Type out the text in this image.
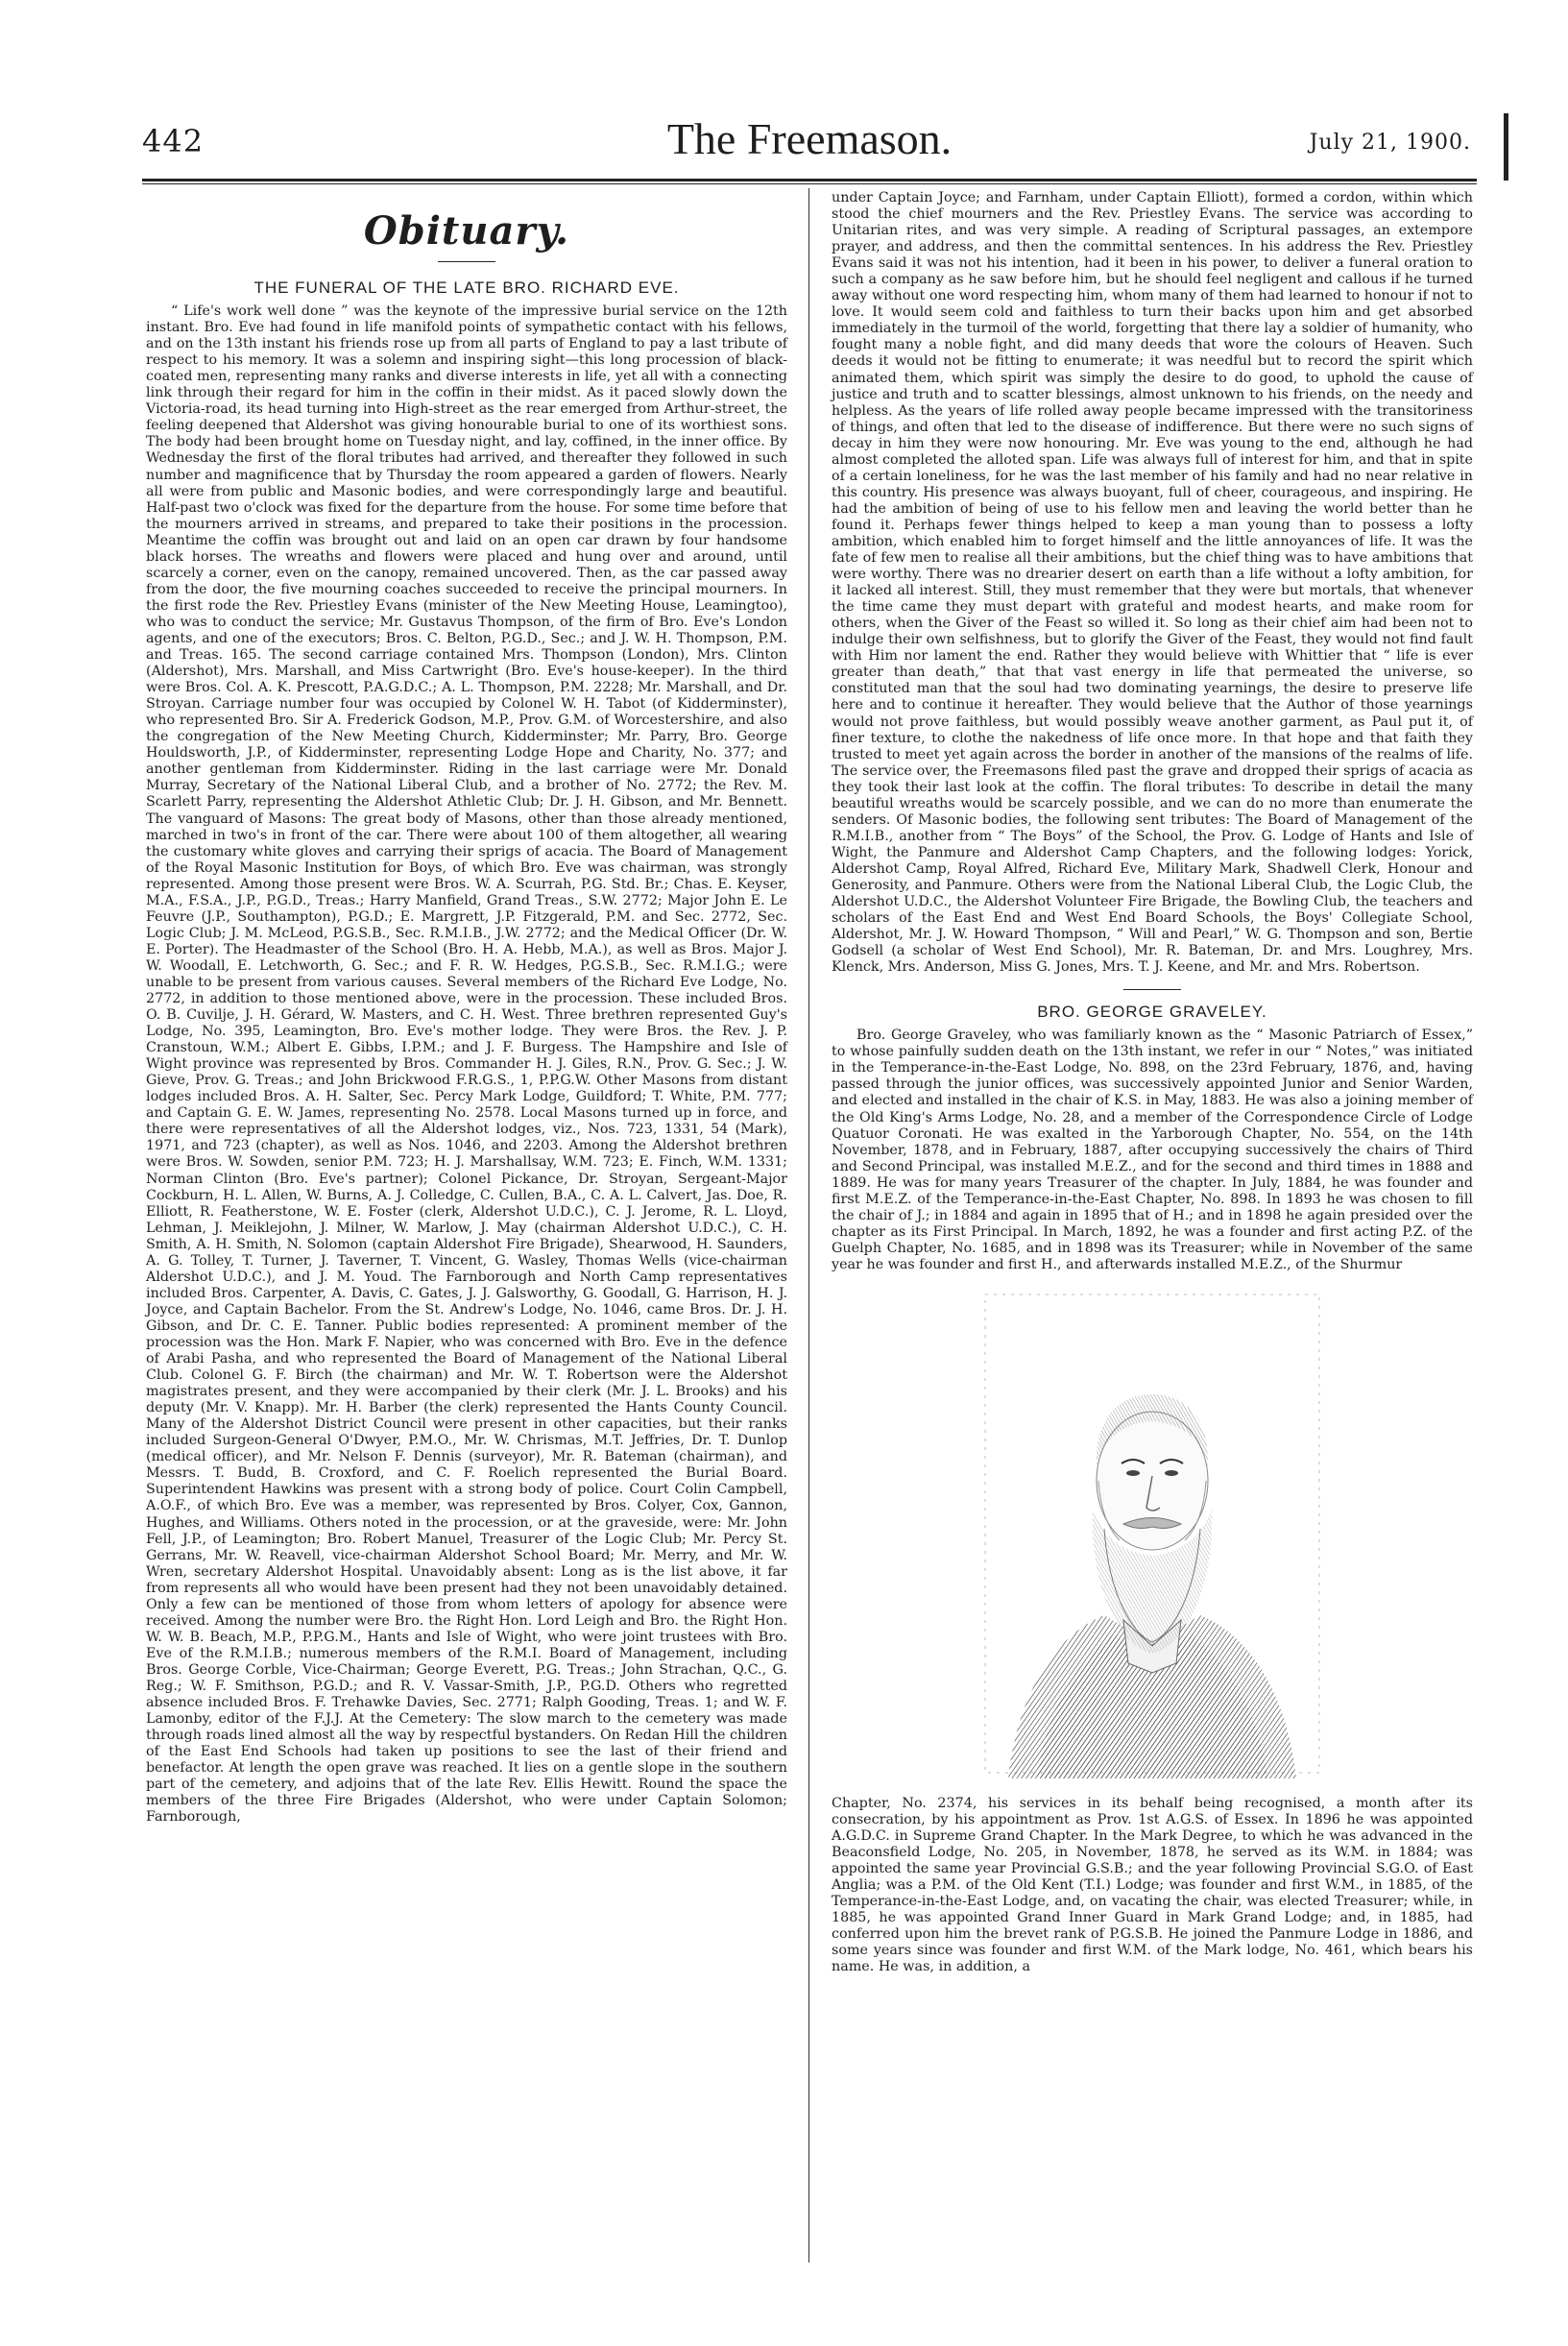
442	The Freemason.	July 21, 1900.
Obituary.
THE FUNERAL OF THE LATE BRO. RICHARD EVE.

“ Life's work well done ” was the keynote of the impressive burial service on the 12th instant. Bro. Eve had found in life manifold points of sympathetic contact with his fellows, and on the 13th instant his friends rose up from all parts of England to pay a last tribute of respect to his memory. It was a solemn and inspiring sight—this long procession of black-coated men, representing many ranks and diverse interests in life, yet all with a connecting link through their regard for him in the coffin in their midst. As it paced slowly down the Victoria-road, its head turning into High-street as the rear emerged from Arthur-street, the feeling deepened that Aldershot was giving honourable burial to one of its worthiest sons. The body had been brought home on Tuesday night, and lay, coffined, in the inner office. By Wednesday the first of the floral tributes had arrived, and thereafter they followed in such number and magnificence that by Thursday the room appeared a garden of flowers. Nearly all were from public and Masonic bodies, and were correspondingly large and beautiful. Half-past two o'clock was fixed for the departure from the house. For some time before that the mourners arrived in streams, and prepared to take their positions in the procession. Meantime the coffin was brought out and laid on an open car drawn by four handsome black horses. The wreaths and flowers were placed and hung over and around, until scarcely a corner, even on the canopy, remained uncovered. Then, as the car passed away from the door, the five mourning coaches succeeded to receive the principal mourners. In the first rode the Rev. Priestley Evans (minister of the New Meeting House, Leamingtoo), who was to conduct the service; Mr. Gustavus Thompson, of the firm of Bro. Eve's London agents, and one of the executors; Bros. C. Belton, P.G.D., Sec.; and J. W. H. Thompson, P.M. and Treas. 165. The second carriage contained Mrs. Thompson (London), Mrs. Clinton (Aldershot), Mrs. Marshall, and Miss Cartwright (Bro. Eve's house-keeper). In the third were Bros. Col. A. K. Prescott, P.A.G.D.C.; A. L. Thompson, P.M. 2228; Mr. Marshall, and Dr. Stroyan. Carriage number four was occupied by Colonel W. H. Tabot (of Kidderminster), who represented Bro. Sir A. Frederick Godson, M.P., Prov. G.M. of Worcestershire, and also the congregation of the New Meeting Church, Kidderminster; Mr. Parry, Bro. George Houldsworth, J.P., of Kidderminster, representing Lodge Hope and Charity, No. 377; and another gentleman from Kidderminster. Riding in the last carriage were Mr. Donald Murray, Secretary of the National Liberal Club, and a brother of No. 2772; the Rev. M. Scarlett Parry, representing the Aldershot Athletic Club; Dr. J. H. Gibson, and Mr. Bennett. The vanguard of Masons: The great body of Masons, other than those already mentioned, marched in two's in front of the car. There were about 100 of them altogether, all wearing the customary white gloves and carrying their sprigs of acacia. The Board of Management of the Royal Masonic Institution for Boys, of which Bro. Eve was chairman, was strongly represented. Among those present were Bros. W. A. Scurrah, P.G. Std. Br.; Chas. E. Keyser, M.A., F.S.A., J.P., P.G.D., Treas.; Harry Manfield, Grand Treas., S.W. 2772; Major John E. Le Feuvre (J.P., Southampton), P.G.D.; E. Margrett, J.P. Fitzgerald, P.M. and Sec. 2772, Sec. Logic Club; J. M. McLeod, P.G.S.B., Sec. R.M.I.B., J.W. 2772; and the Medical Officer (Dr. W. E. Porter). The Headmaster of the School (Bro. H. A. Hebb, M.A.), as well as Bros. Major J. W. Woodall, E. Letchworth, G. Sec.; and F. R. W. Hedges, P.G.S.B., Sec. R.M.I.G.; were unable to be present from various causes. Several members of the Richard Eve Lodge, No. 2772, in addition to those mentioned above, were in the procession. These included Bros. O. B. Cuvilje, J. H. Gérard, W. Masters, and C. H. West. Three brethren represented Guy's Lodge, No. 395, Leamington, Bro. Eve's mother lodge. They were Bros. the Rev. J. P. Cranstoun, W.M.; Albert E. Gibbs, I.P.M.; and J. F. Burgess. The Hampshire and Isle of Wight province was represented by Bros. Commander H. J. Giles, R.N., Prov. G. Sec.; J. W. Gieve, Prov. G. Treas.; and John Brickwood F.R.G.S., 1, P.P.G.W. Other Masons from distant lodges included Bros. A. H. Salter, Sec. Percy Mark Lodge, Guildford; T. White, P.M. 777; and Captain G. E. W. James, representing No. 2578. Local Masons turned up in force, and there were representatives of all the Aldershot lodges, viz., Nos. 723, 1331, 54 (Mark), 1971, and 723 (chapter), as well as Nos. 1046, and 2203. Among the Aldershot brethren were Bros. W. Sowden, senior P.M. 723; H. J. Marshallsay, W.M. 723; E. Finch, W.M. 1331; Norman Clinton (Bro. Eve's partner); Colonel Pickance, Dr. Stroyan, Sergeant-Major Cockburn, H. L. Allen, W. Burns, A. J. Colledge, C. Cullen, B.A., C. A. L. Calvert, Jas. Doe, R. Elliott, R. Featherstone, W. E. Foster (clerk, Aldershot U.D.C.), C. J. Jerome, R. L. Lloyd, Lehman, J. Meiklejohn, J. Milner, W. Marlow, J. May (chairman Aldershot U.D.C.), C. H. Smith, A. H. Smith, N. Solomon (captain Aldershot Fire Brigade), Shearwood, H. Saunders, A. G. Tolley, T. Turner, J. Taverner, T. Vincent, G. Wasley, Thomas Wells (vice-chairman Aldershot U.D.C.), and J. M. Youd. The Farnborough and North Camp representatives included Bros. Carpenter, A. Davis, C. Gates, J. J. Galsworthy, G. Goodall, G. Harrison, H. J. Joyce, and Captain Bachelor. From the St. Andrew's Lodge, No. 1046, came Bros. Dr. J. H. Gibson, and Dr. C. E. Tanner. Public bodies represented: A prominent member of the procession was the Hon. Mark F. Napier, who was concerned with Bro. Eve in the defence of Arabi Pasha, and who represented the Board of Management of the National Liberal Club. Colonel G. F. Birch (the chairman) and Mr. W. T. Robertson were the Aldershot magistrates present, and they were accompanied by their clerk (Mr. J. L. Brooks) and his deputy (Mr. V. Knapp). Mr. H. Barber (the clerk) represented the Hants County Council. Many of the Aldershot District Council were present in other capacities, but their ranks included Surgeon-General O'Dwyer, P.M.O., Mr. W. Chrismas, M.T. Jeffries, Dr. T. Dunlop (medical officer), and Mr. Nelson F. Dennis (surveyor), Mr. R. Bateman (chairman), and Messrs. T. Budd, B. Croxford, and C. F. Roelich represented the Burial Board. Superintendent Hawkins was present with a strong body of police. Court Colin Campbell, A.O.F., of which Bro. Eve was a member, was represented by Bros. Colyer, Cox, Gannon, Hughes, and Williams. Others noted in the procession, or at the graveside, were: Mr. John Fell, J.P., of Leamington; Bro. Robert Manuel, Treasurer of the Logic Club; Mr. Percy St. Gerrans, Mr. W. Reavell, vice-chairman Aldershot School Board; Mr. Merry, and Mr. W. Wren, secretary Aldershot Hospital. Unavoidably absent: Long as is the list above, it far from represents all who would have been present had they not been unavoidably detained. Only a few can be mentioned of those from whom letters of apology for absence were received. Among the number were Bro. the Right Hon. Lord Leigh and Bro. the Right Hon. W. W. B. Beach, M.P., P.P.G.M., Hants and Isle of Wight, who were joint trustees with Bro. Eve of the R.M.I.B.; numerous members of the R.M.I. Board of Management, including Bros. George Corble, Vice-Chairman; George Everett, P.G. Treas.; John Strachan, Q.C., G. Reg.; W. F. Smithson, P.G.D.; and R. V. Vassar-Smith, J.P., P.G.D. Others who regretted absence included Bros. F. Trehawke Davies, Sec. 2771; Ralph Gooding, Treas. 1; and W. F. Lamonby, editor of the F.J.J. At the Cemetery: The slow march to the cemetery was made through roads lined almost all the way by respectful bystanders. On Redan Hill the children of the East End Schools had taken up positions to see the last of their friend and benefactor. At length the open grave was reached. It lies on a gentle slope in the southern part of the cemetery, and adjoins that of the late Rev. Ellis Hewitt. Round the space the members of the three Fire Brigades (Aldershot, who were under Captain Solomon; Farnborough,

under Captain Joyce; and Farnham, under Captain Elliott), formed a cordon, within which stood the chief mourners and the Rev. Priestley Evans. The service was according to Unitarian rites, and was very simple. A reading of Scriptural passages, an extempore prayer, and address, and then the committal sentences. In his address the Rev. Priestley Evans said it was not his intention, had it been in his power, to deliver a funeral oration to such a company as he saw before him, but he should feel negligent and callous if he turned away without one word respecting him, whom many of them had learned to honour if not to love. It would seem cold and faithless to turn their backs upon him and get absorbed immediately in the turmoil of the world, forgetting that there lay a soldier of humanity, who fought many a noble fight, and did many deeds that wore the colours of Heaven. Such deeds it would not be fitting to enumerate; it was needful but to record the spirit which animated them, which spirit was simply the desire to do good, to uphold the cause of justice and truth and to scatter blessings, almost unknown to his friends, on the needy and helpless. As the years of life rolled away people became impressed with the transitoriness of things, and often that led to the disease of indifference. But there were no such signs of decay in him they were now honouring. Mr. Eve was young to the end, although he had almost completed the alloted span. Life was always full of interest for him, and that in spite of a certain loneliness, for he was the last member of his family and had no near relative in this country. His presence was always buoyant, full of cheer, courageous, and inspiring. He had the ambition of being of use to his fellow men and leaving the world better than he found it. Perhaps fewer things helped to keep a man young than to possess a lofty ambition, which enabled him to forget himself and the little annoyances of life. It was the fate of few men to realise all their ambitions, but the chief thing was to have ambitions that were worthy. There was no drearier desert on earth than a life without a lofty ambition, for it lacked all interest. Still, they must remember that they were but mortals, that whenever the time came they must depart with grateful and modest hearts, and make room for others, when the Giver of the Feast so willed it. So long as their chief aim had been not to indulge their own selfishness, but to glorify the Giver of the Feast, they would not find fault with Him nor lament the end. Rather they would believe with Whittier that “ life is ever greater than death,” that that vast energy in life that permeated the universe, so constituted man that the soul had two dominating yearnings, the desire to preserve life here and to continue it hereafter. They would believe that the Author of those yearnings would not prove faithless, but would possibly weave another garment, as Paul put it, of finer texture, to clothe the nakedness of life once more. In that hope and that faith they trusted to meet yet again across the border in another of the mansions of the realms of life. The service over, the Freemasons filed past the grave and dropped their sprigs of acacia as they took their last look at the coffin. The floral tributes: To describe in detail the many beautiful wreaths would be scarcely possible, and we can do no more than enumerate the senders. Of Masonic bodies, the following sent tributes: The Board of Management of the R.M.I.B., another from “ The Boys” of the School, the Prov. G. Lodge of Hants and Isle of Wight, the Panmure and Aldershot Camp Chapters, and the following lodges: Yorick, Aldershot Camp, Royal Alfred, Richard Eve, Military Mark, Shadwell Clerk, Honour and Generosity, and Panmure. Others were from the National Liberal Club, the Logic Club, the Aldershot U.D.C., the Aldershot Volunteer Fire Brigade, the Bowling Club, the teachers and scholars of the East End and West End Board Schools, the Boys' Collegiate School, Aldershot, Mr. J. W. Howard Thompson, “ Will and Pearl,” W. G. Thompson and son, Bertie Godsell (a scholar of West End School), Mr. R. Bateman, Dr. and Mrs. Loughrey, Mrs. Klenck, Mrs. Anderson, Miss G. Jones, Mrs. T. J. Keene, and Mr. and Mrs. Robertson.

BRO. GEORGE GRAVELEY.

Bro. George Graveley, who was familiarly known as the “ Masonic Patriarch of Essex,” to whose painfully sudden death on the 13th instant, we refer in our “ Notes,” was initiated in the Temperance-in-the-East Lodge, No. 898, on the 23rd February, 1876, and, having passed through the junior offices, was successively appointed Junior and Senior Warden, and elected and installed in the chair of K.S. in May, 1883. He was also a joining member of the Old King's Arms Lodge, No. 28, and a member of the Correspondence Circle of Lodge Quatuor Coronati. He was exalted in the Yarborough Chapter, No. 554, on the 14th November, 1878, and in February, 1887, after occupying successively the chairs of Third and Second Principal, was installed M.E.Z., and for the second and third times in 1888 and 1889. He was for many years Treasurer of the chapter. In July, 1884, he was founder and first M.E.Z. of the Temperance-in-the-East Chapter, No. 898. In 1893 he was chosen to fill the chair of J.; in 1884 and again in 1895 that of H.; and in 1898 he again presided over the chapter as its First Principal. In March, 1892, he was a founder and first acting P.Z. of the Guelph Chapter, No. 1685, and in 1898 was its Treasurer; while in November of the same year he was founder and first H., and afterwards installed M.E.Z., of the Shurmur

Chapter, No. 2374, his services in its behalf being recognised, a month after its consecration, by his appointment as Prov. 1st A.G.S. of Essex. In 1896 he was appointed A.G.D.C. in Supreme Grand Chapter. In the Mark Degree, to which he was advanced in the Beaconsfield Lodge, No. 205, in November, 1878, he served as its W.M. in 1884; was appointed the same year Provincial G.S.B.; and the year following Provincial S.G.O. of East Anglia; was a P.M. of the Old Kent (T.I.) Lodge; was founder and first W.M., in 1885, of the Temperance-in-the-East Lodge, and, on vacating the chair, was elected Treasurer; while, in 1885, he was appointed Grand Inner Guard in Mark Grand Lodge; and, in 1885, had conferred upon him the brevet rank of P.G.S.B. He joined the Panmure Lodge in 1886, and some years since was founder and first W.M. of the Mark lodge, No. 461, which bears his name. He was, in addition, a
